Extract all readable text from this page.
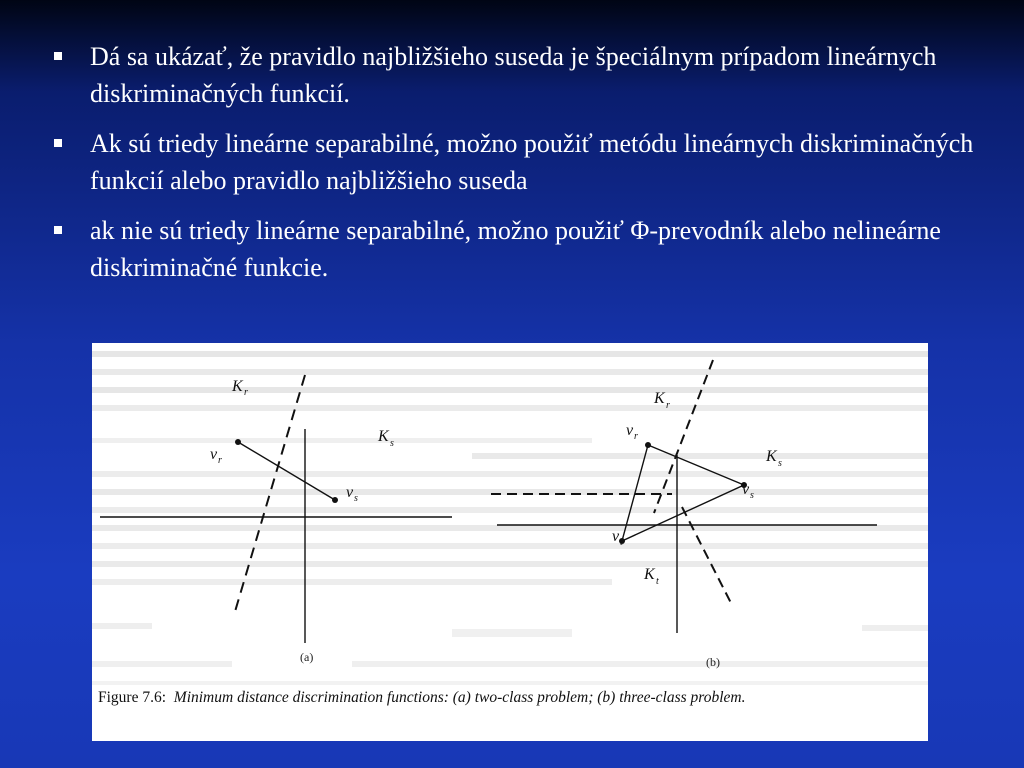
Dá sa ukázať, že pravidlo najbližšieho suseda je špeciálnym prípadom lineárnych diskriminačných funkcií.
Ak sú triedy lineárne separabilné, možno použiť metódu lineárnych diskriminačných funkcií alebo pravidlo najbližšieho suseda
ak nie sú triedy lineárne separabilné, možno použiť Φ-prevodník alebo nelineárne diskriminačné funkcie.
K r
K s
v r
v s
(a)
K r
K s
K t
v r
v s
v t
(b)
Figure 7.6: Minimum distance discrimination functions: (a) two-class problem; (b) three-class problem.
